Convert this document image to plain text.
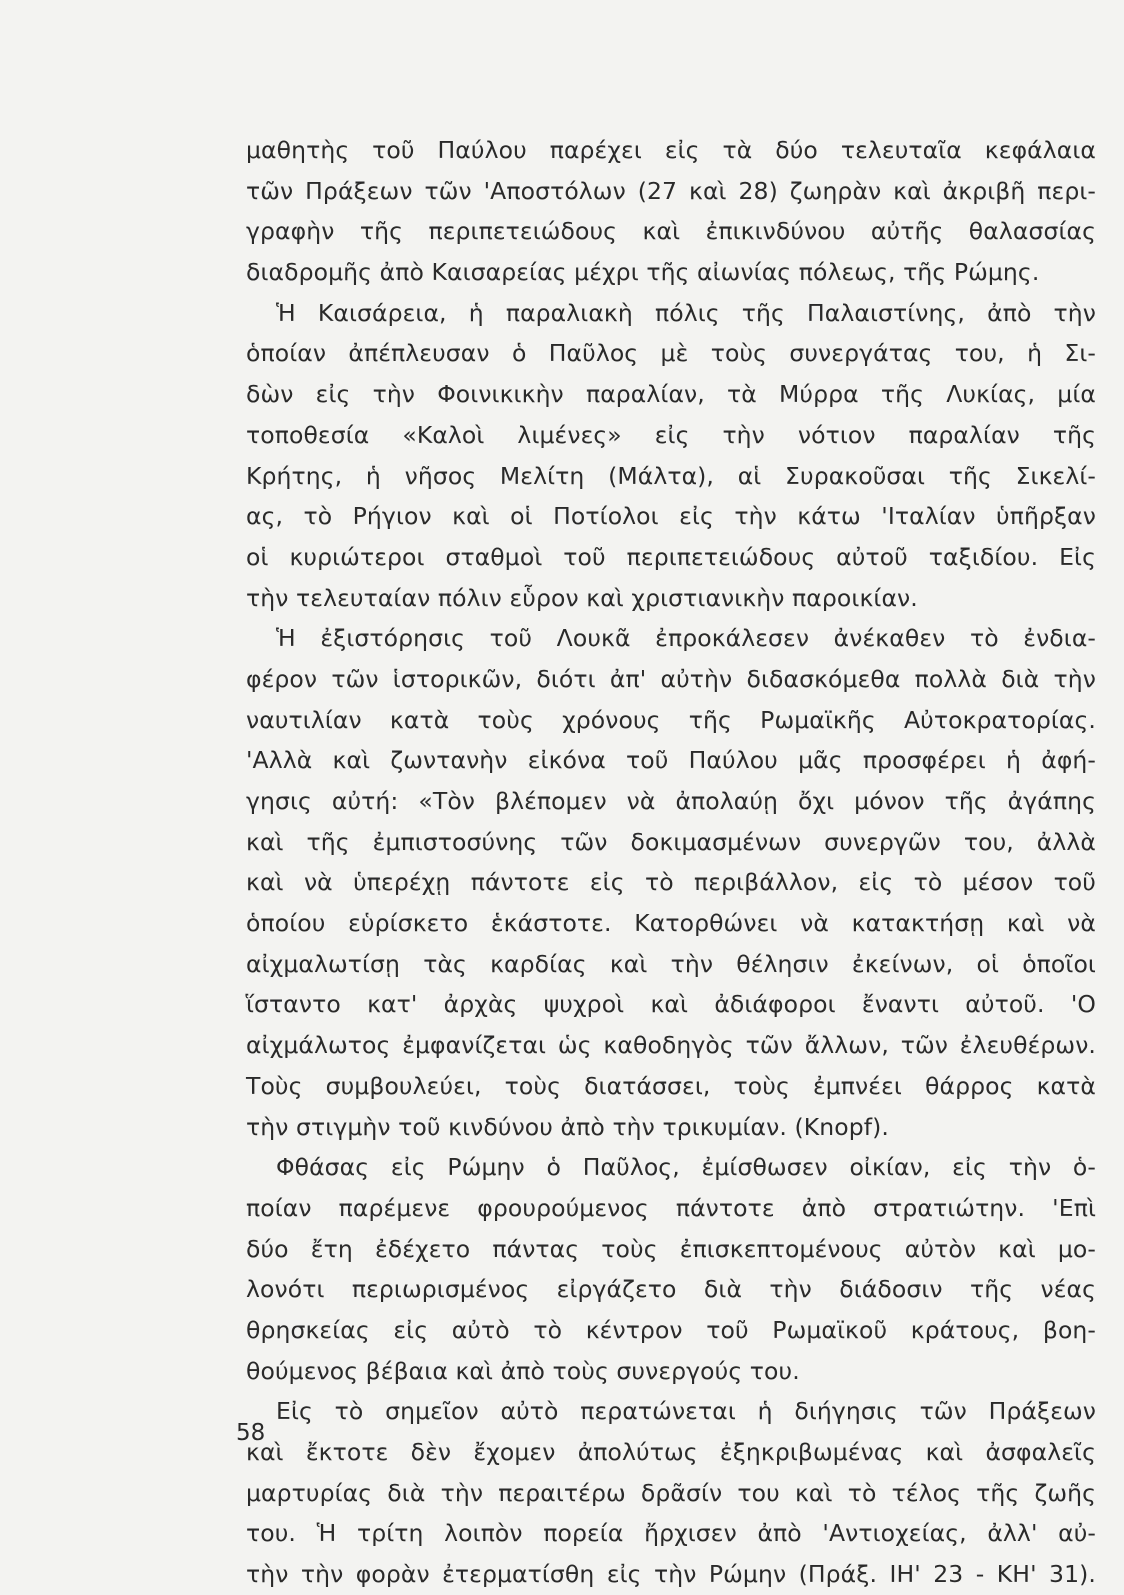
μαθητὴς τοῦ Παύλου παρέχει εἰς τὰ δύο τελευταῖα κεφάλαια
τῶν Πράξεων τῶν 'Αποστόλων (27 καὶ 28) ζωηρὰν καὶ ἀκριβῆ περι-
γραφὴν τῆς περιπετειώδους καὶ ἐπικινδύνου αὐτῆς θαλασσίας
διαδρομῆς ἀπὸ Καισαρείας μέχρι τῆς αἰωνίας πόλεως, τῆς Ρώμης.
Ἡ Καισάρεια, ἡ παραλιακὴ πόλις τῆς Παλαιστίνης, ἀπὸ τὴν
ὁποίαν ἀπέπλευσαν ὁ Παῦλος μὲ τοὺς συνεργάτας του, ἡ Σι-
δὼν εἰς τὴν Φοινικικὴν παραλίαν, τὰ Μύρρα τῆς Λυκίας, μία
τοποθεσία «Καλοὶ λιμένες» εἰς τὴν νότιον παραλίαν τῆς
Κρήτης, ἡ νῆσος Μελίτη (Μάλτα), αἱ Συρακοῦσαι τῆς Σικελί-
ας, τὸ Ρήγιον καὶ οἱ Ποτίολοι εἰς τὴν κάτω 'Ιταλίαν ὑπῆρξαν
οἱ κυριώτεροι σταθμοὶ τοῦ περιπετειώδους αὐτοῦ ταξιδίου. Εἰς
τὴν τελευταίαν πόλιν εὗρον καὶ χριστιανικὴν παροικίαν.
Ἡ ἐξιστόρησις τοῦ Λουκᾶ ἐπροκάλεσεν ἀνέκαθεν τὸ ἐνδια-
φέρον τῶν ἱστορικῶν, διότι ἀπ' αὐτὴν διδασκόμεθα πολλὰ διὰ τὴν
ναυτιλίαν κατὰ τοὺς χρόνους τῆς Ρωμαϊκῆς Αὐτοκρατορίας.
'Αλλὰ καὶ ζωντανὴν εἰκόνα τοῦ Παύλου μᾶς προσφέρει ἡ ἀφή-
γησις αὐτή: «Τὸν βλέπομεν νὰ ἀπολαύῃ ὄχι μόνον τῆς ἀγάπης
καὶ τῆς ἐμπιστοσύνης τῶν δοκιμασμένων συνεργῶν του, ἀλλὰ
καὶ νὰ ὑπερέχῃ πάντοτε εἰς τὸ περιβάλλον, εἰς τὸ μέσον τοῦ
ὁποίου εὑρίσκετο ἑκάστοτε. Κατορθώνει νὰ κατακτήσῃ καὶ νὰ
αἰχμαλωτίσῃ τὰς καρδίας καὶ τὴν θέλησιν ἐκείνων, οἱ ὁποῖοι
ἵσταντο κατ' ἀρχὰς ψυχροὶ καὶ ἀδιάφοροι ἔναντι αὐτοῦ. 'Ο
αἰχμάλωτος ἐμφανίζεται ὡς καθοδηγὸς τῶν ἄλλων, τῶν ἐλευθέρων.
Τοὺς συμβουλεύει, τοὺς διατάσσει, τοὺς ἐμπνέει θάρρος κατὰ
τὴν στιγμὴν τοῦ κινδύνου ἀπὸ τὴν τρικυμίαν. (Knopf).
Φθάσας εἰς Ρώμην ὁ Παῦλος, ἐμίσθωσεν οἰκίαν, εἰς τὴν ὁ-
ποίαν παρέμενε φρουρούμενος πάντοτε ἀπὸ στρατιώτην. 'Επὶ
δύο ἔτη ἐδέχετο πάντας τοὺς ἐπισκεπτομένους αὐτὸν καὶ μο-
λονότι περιωρισμένος εἰργάζετο διὰ τὴν διάδοσιν τῆς νέας
θρησκείας εἰς αὐτὸ τὸ κέντρον τοῦ Ρωμαϊκοῦ κράτους, βοη-
θούμενος βέβαια καὶ ἀπὸ τοὺς συνεργούς του.
Εἰς τὸ σημεῖον αὐτὸ περατώνεται ἡ διήγησις τῶν Πράξεων
καὶ ἔκτοτε δὲν ἔχομεν ἀπολύτως ἐξηκριβωμένας καὶ ἀσφαλεῖς
μαρτυρίας διὰ τὴν περαιτέρω δρᾶσίν του καὶ τὸ τέλος τῆς ζωῆς
του. Ἡ τρίτη λοιπὸν πορεία ἤρχισεν ἀπὸ 'Αντιοχείας, ἀλλ' αὐ-
τὴν τὴν φορὰν ἐτερματίσθη εἰς τὴν Ρώμην (Πράξ. ΙΗ' 23 - ΚΗ' 31).
58
